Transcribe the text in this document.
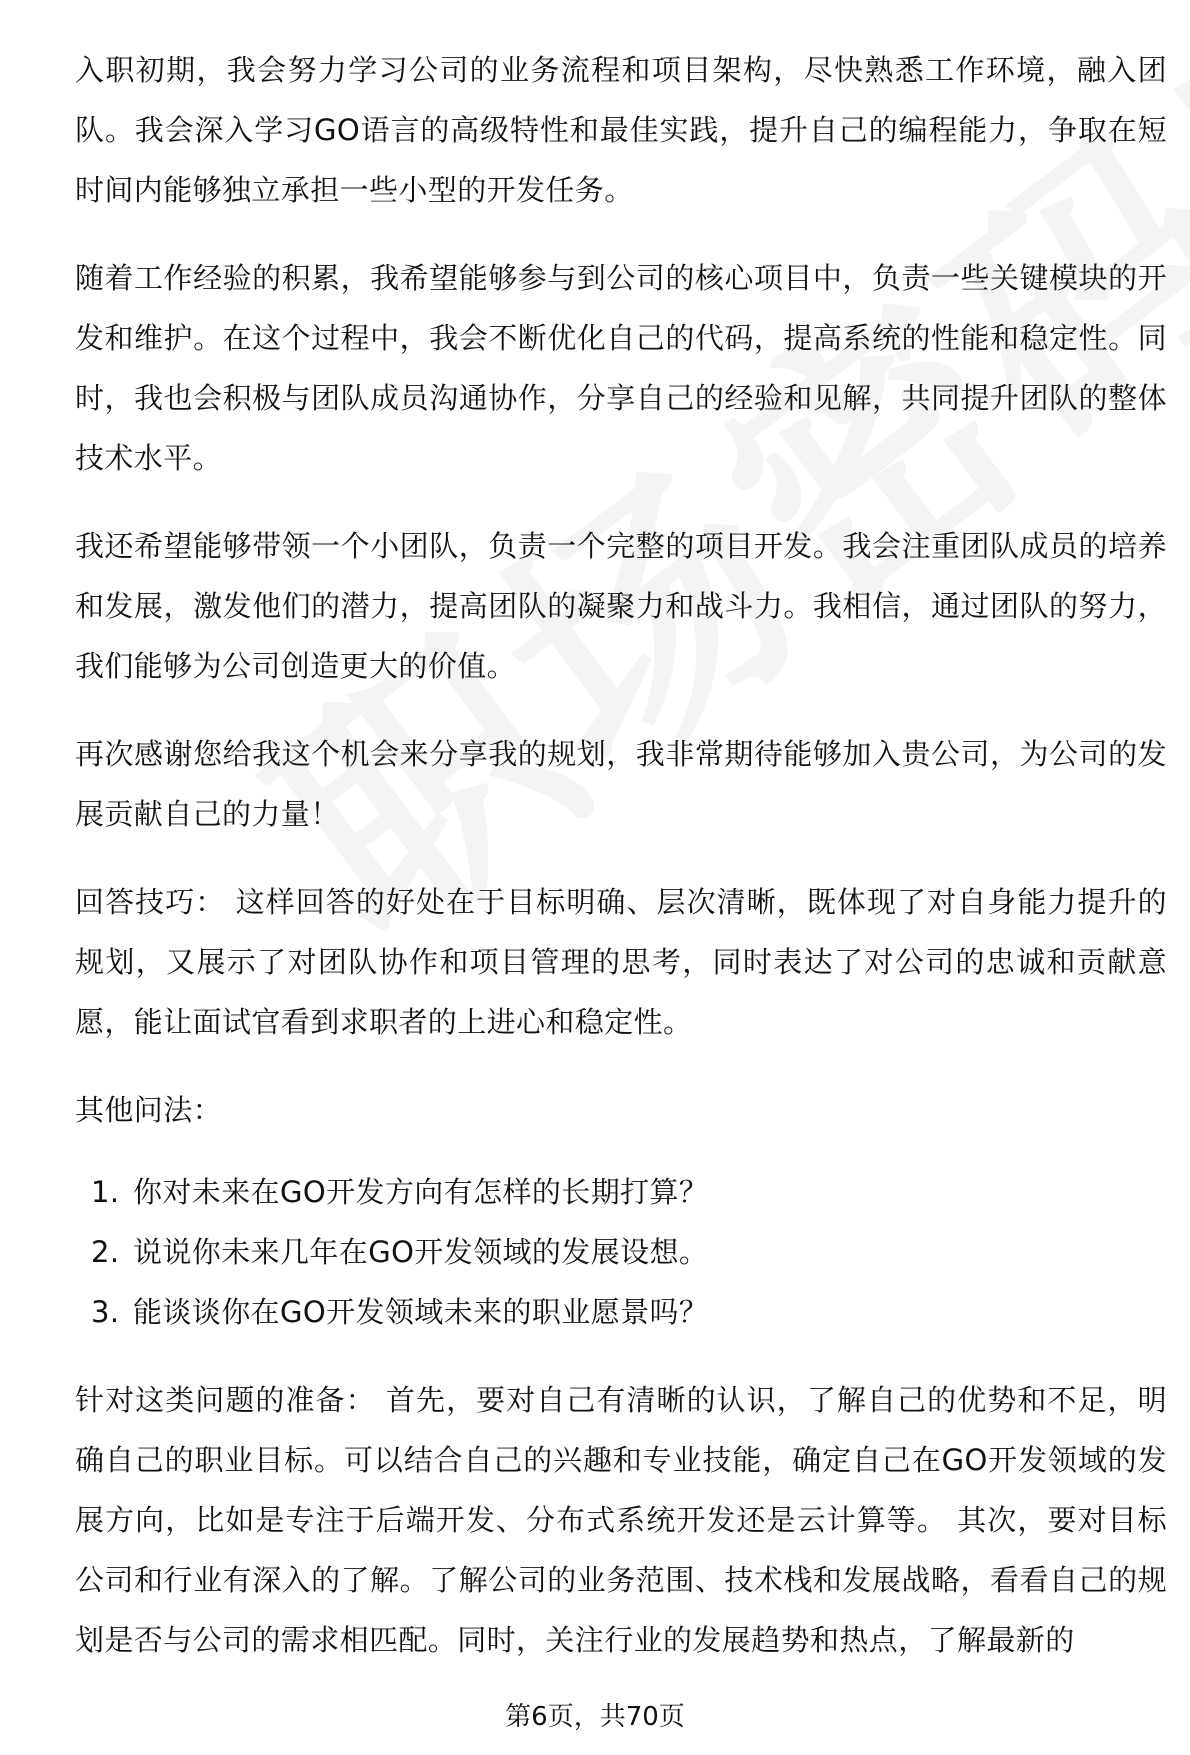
入职初期，我会努力学习公司的业务流程和项目架构，尽快熟悉工作环境，融入团队。我会深入学习GO语言的高级特性和最佳实践，提升自己的编程能力，争取在短时间内能够独立承担一些小型的开发任务。

随着工作经验的积累，我希望能够参与到公司的核心项目中，负责一些关键模块的开发和维护。在这个过程中，我会不断优化自己的代码，提高系统的性能和稳定性。同时，我也会积极与团队成员沟通协作，分享自己的经验和见解，共同提升团队的整体技术水平。

我还希望能够带领一个小团队，负责一个完整的项目开发。我会注重团队成员的培养和发展，激发他们的潜力，提高团队的凝聚力和战斗力。我相信，通过团队的努力，我们能够为公司创造更大的价值。

再次感谢您给我这个机会来分享我的规划，我非常期待能够加入贵公司，为公司的发展贡献自己的力量！

回答技巧： 这样回答的好处在于目标明确、层次清晰，既体现了对自身能力提升的规划，又展示了对团队协作和项目管理的思考，同时表达了对公司的忠诚和贡献意愿，能让面试官看到求职者的上进心和稳定性。

其他问法：

1. 你对未来在GO开发方向有怎样的长期打算？
2. 说说你未来几年在GO开发领域的发展设想。
3. 能谈谈你在GO开发领域未来的职业愿景吗？

针对这类问题的准备： 首先，要对自己有清晰的认识，了解自己的优势和不足，明确自己的职业目标。可以结合自己的兴趣和专业技能，确定自己在GO开发领域的发展方向，比如是专注于后端开发、分布式系统开发还是云计算等。 其次，要对目标公司和行业有深入的了解。了解公司的业务范围、技术栈和发展战略，看看自己的规划是否与公司的需求相匹配。同时，关注行业的发展趋势和热点，了解最新的

第6页，共70页
